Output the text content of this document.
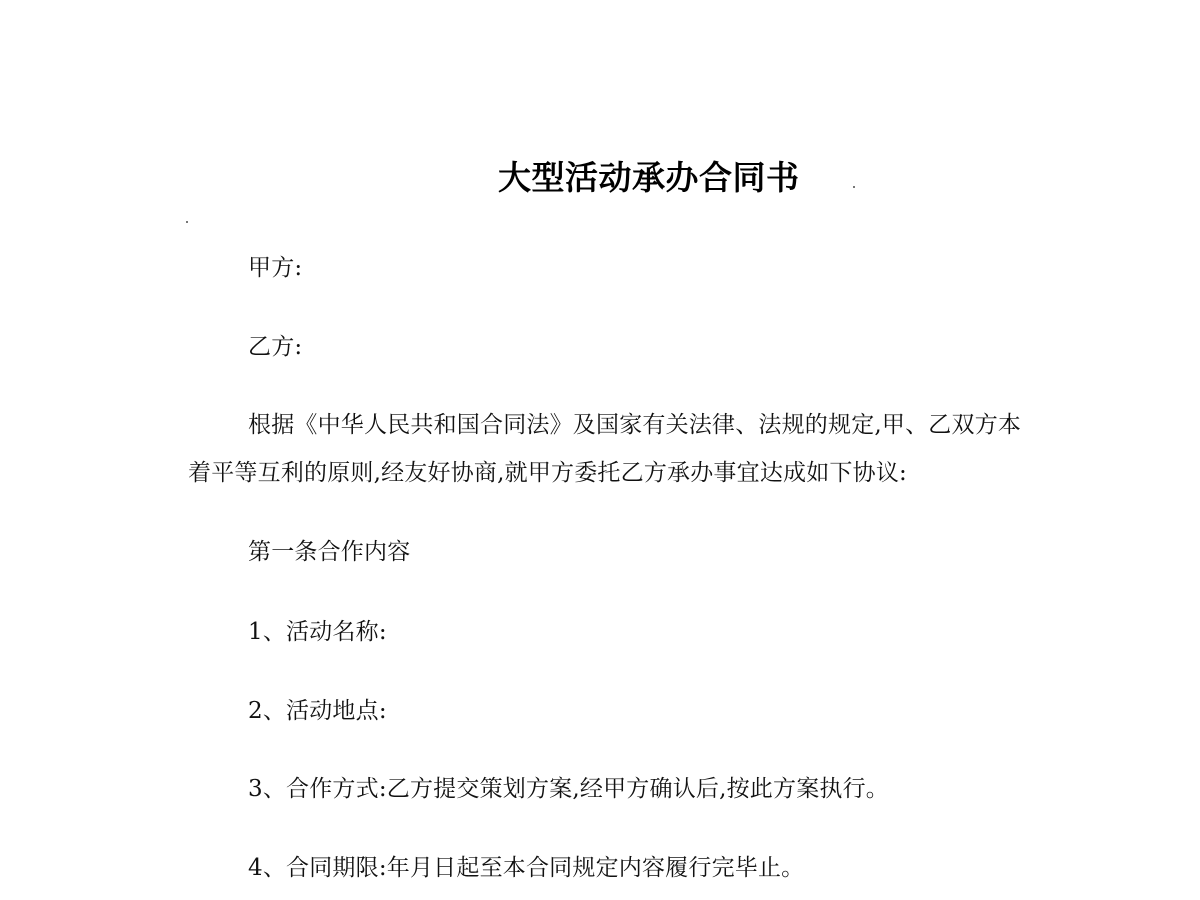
大型活动承办合同书
甲方:
乙方:
根据《中华人民共和国合同法》及国家有关法律、法规的规定,甲、乙双方本
着平等互利的原则,经友好协商,就甲方委托乙方承办事宜达成如下协议:
第一条合作内容
1、活动名称:
2、活动地点:
3、合作方式:乙方提交策划方案,经甲方确认后,按此方案执行。
4、合同期限:年月日起至本合同规定内容履行完毕止。
